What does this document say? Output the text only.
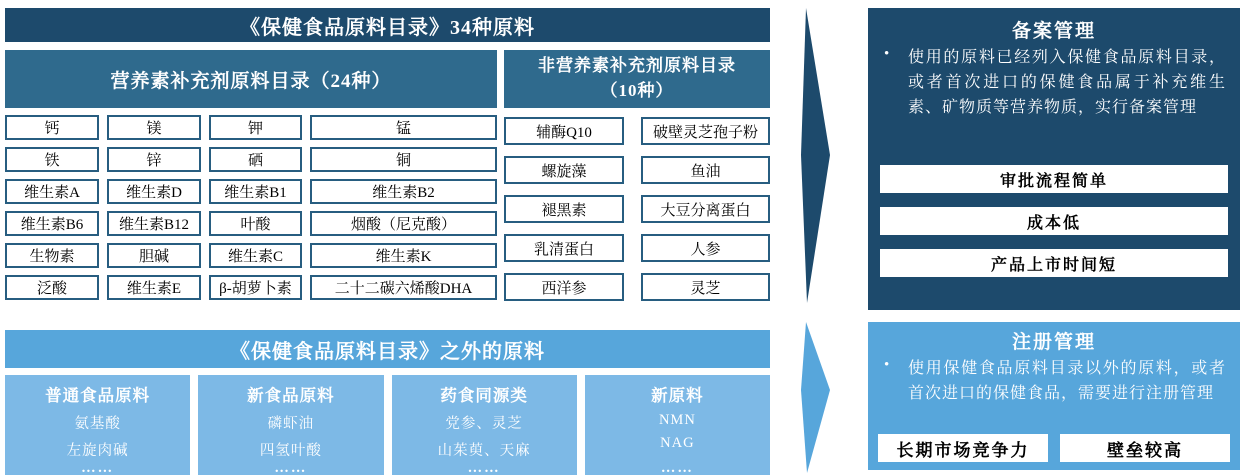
《保健食品原料目录》34种原料
营养素补充剂原料目录（24种）
钙	镁	钾	锰
铁	锌	硒	铜
维生素A	维生素D	维生素B1	维生素B2
维生素B6	维生素B12	叶酸	烟酸（尼克酸）
生物素	胆碱	维生素C	维生素K
泛酸	维生素E	β-胡萝卜素	二十二碳六烯酸DHA
非营养素补充剂原料目录
（10种）
辅酶Q10	破壁灵芝孢子粉
螺旋藻	鱼油
褪黑素	大豆分离蛋白
乳清蛋白	人参
西洋参	灵芝
《保健食品原料目录》之外的原料
普通食品原料
氨基酸
左旋肉碱
……
新食品原料
磷虾油
四氢叶酸
……
药食同源类
党参、灵芝
山茱萸、天麻
……
新原料
NMN
NAG
……
备案管理
•	使用的原料已经列入保健食品原料目录，或者首次进口的保健食品属于补充维生素、矿物质等营养物质，实行备案管理
审批流程简单
成本低
产品上市时间短
注册管理
•	使用保健食品原料目录以外的原料，或者首次进口的保健食品，需要进行注册管理
长期市场竞争力	壁垒较高
